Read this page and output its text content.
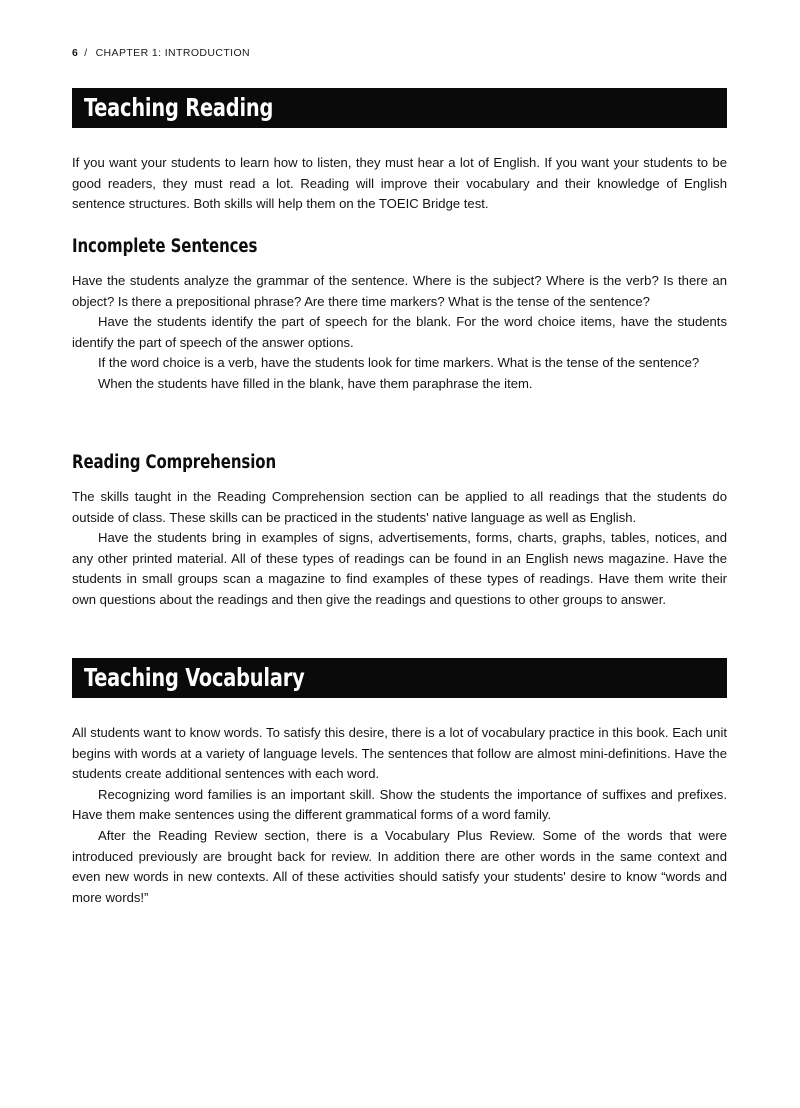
6 / CHAPTER 1: INTRODUCTION
Teaching Reading

If you want your students to learn how to listen, they must hear a lot of English. If you want your students to be good readers, they must read a lot. Reading will improve their vocabulary and their knowledge of English sentence structures. Both skills will help them on the TOEIC Bridge test.

Incomplete Sentences

Have the students analyze the grammar of the sentence. Where is the subject? Where is the verb? Is there an object? Is there a prepositional phrase? Are there time markers? What is the tense of the sentence?

Have the students identify the part of speech for the blank. For the word choice items, have the students identify the part of speech of the answer options.

If the word choice is a verb, have the students look for time markers. What is the tense of the sentence?

When the students have filled in the blank, have them paraphrase the item.

Reading Comprehension

The skills taught in the Reading Comprehension section can be applied to all readings that the students do outside of class. These skills can be practiced in the students' native language as well as English.

Have the students bring in examples of signs, advertisements, forms, charts, graphs, tables, notices, and any other printed material. All of these types of readings can be found in an English news magazine. Have the students in small groups scan a magazine to find examples of these types of readings. Have them write their own questions about the readings and then give the readings and questions to other groups to answer.

Teaching Vocabulary

All students want to know words. To satisfy this desire, there is a lot of vocabulary practice in this book. Each unit begins with words at a variety of language levels. The sentences that follow are almost mini-definitions. Have the students create additional sentences with each word.

Recognizing word families is an important skill. Show the students the importance of suffixes and prefixes. Have them make sentences using the different grammatical forms of a word family.

After the Reading Review section, there is a Vocabulary Plus Review. Some of the words that were introduced previously are brought back for review. In addition there are other words in the same context and even new words in new contexts. All of these activities should satisfy your students' desire to know “words and more words!”
